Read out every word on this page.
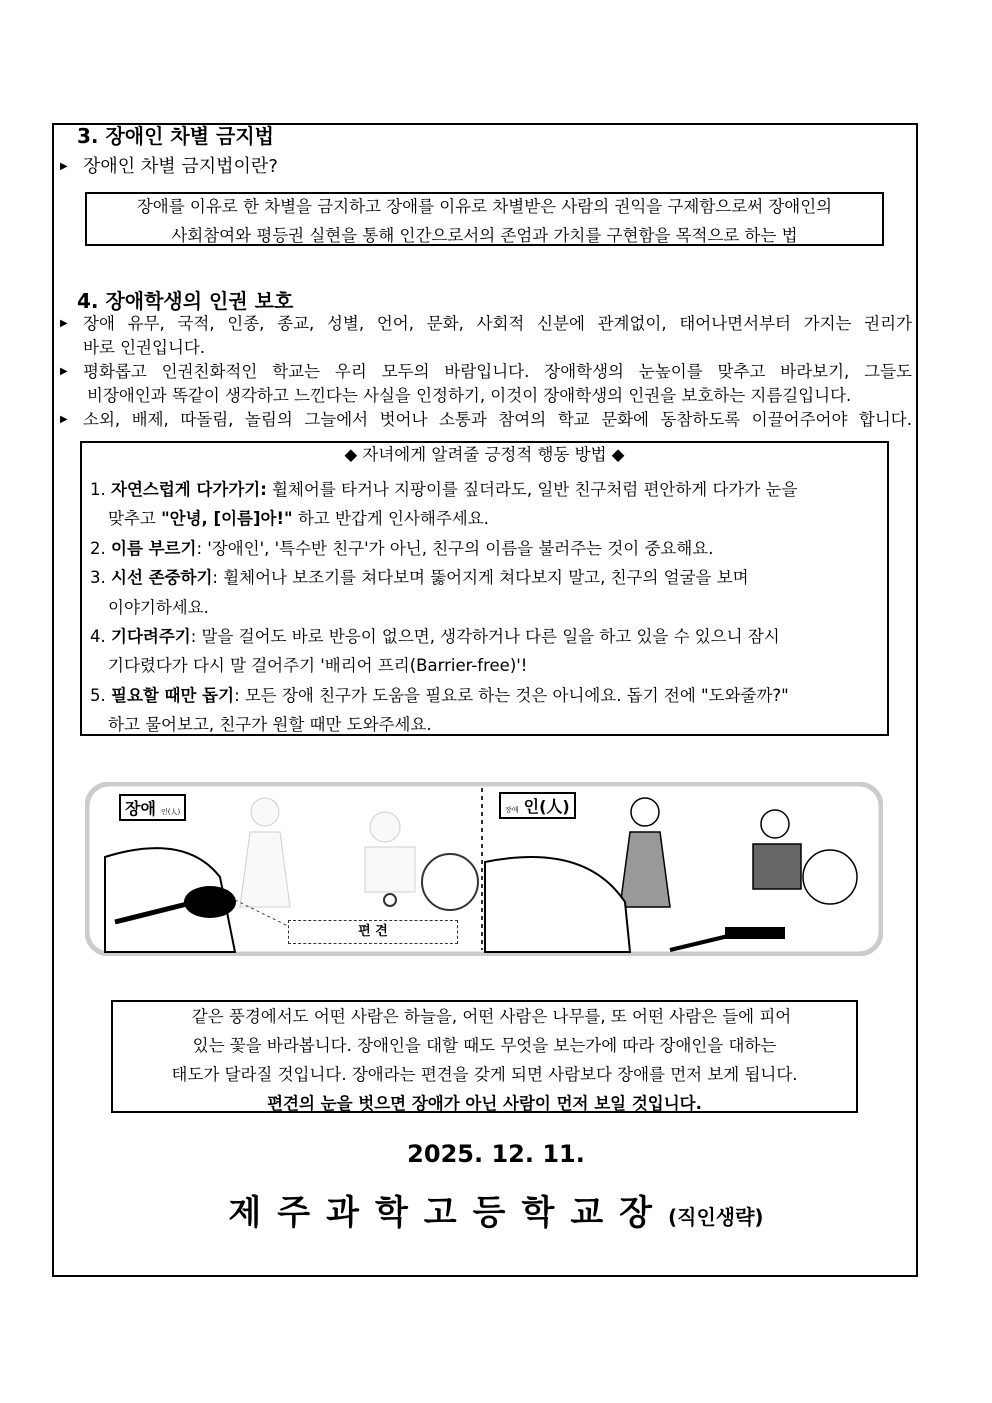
3. 장애인 차별 금지법
▶ 장애인 차별 금지법이란?
장애를 이유로 한 차별을 금지하고 장애를 이유로 차별받은 사람의 권익을 구제함으로써 장애인의
사회참여와 평등권 실현을 통해 인간으로서의 존엄과 가치를 구현함을 목적으로 하는 법
4. 장애학생의 인권 보호
▶ 장애 유무, 국적, 인종, 종교, 성별, 언어, 문화, 사회적 신분에 관계없이, 태어나면서부터 가지는 권리가
바로 인권입니다.
▶ 평화롭고 인권친화적인 학교는 우리 모두의 바람입니다. 장애학생의 눈높이를 맞추고 바라보기, 그들도
비장애인과 똑같이 생각하고 느낀다는 사실을 인정하기, 이것이 장애학생의 인권을 보호하는 지름길입니다.
▶ 소외, 배제, 따돌림, 놀림의 그늘에서 벗어나 소통과 참여의 학교 문화에 동참하도록 이끌어주어야 합니다.
◆ 자녀에게 알려줄 긍정적 행동 방법 ◆
1. 자연스럽게 다가가기: 휠체어를 타거나 지팡이를 짚더라도, 일반 친구처럼 편안하게 다가가 눈을
맞추고 "안녕, [이름]아!" 하고 반갑게 인사해주세요.
2. 이름 부르기: '장애인', '특수반 친구'가 아닌, 친구의 이름을 불러주는 것이 중요해요.
3. 시선 존중하기: 휠체어나 보조기를 쳐다보며 뚫어지게 쳐다보지 말고, 친구의 얼굴을 보며
이야기하세요.
4. 기다려주기: 말을 걸어도 바로 반응이 없으면, 생각하거나 다른 일을 하고 있을 수 있으니 잠시
기다렸다가 다시 말 걸어주기 '배리어 프리(Barrier-free)'!
5. 필요할 때만 돕기: 모든 장애 친구가 도움을 필요로 하는 것은 아니에요. 돕기 전에 "도와줄까?"
하고 물어보고, 친구가 원할 때만 도와주세요.
장애 인(人)	장애 인(人)
편 견
같은 풍경에서도 어떤 사람은 하늘을, 어떤 사람은 나무를, 또 어떤 사람은 들에 피어
있는 꽃을 바라봅니다. 장애인을 대할 때도 무엇을 보는가에 따라 장애인을 대하는
태도가 달라질 것입니다. 장애라는 편견을 갖게 되면 사람보다 장애를 먼저 보게 됩니다.
편견의 눈을 벗으면 장애가 아닌 사람이 먼저 보일 것입니다.
2025. 12. 11.
제주과학고등학교장(직인생략)
